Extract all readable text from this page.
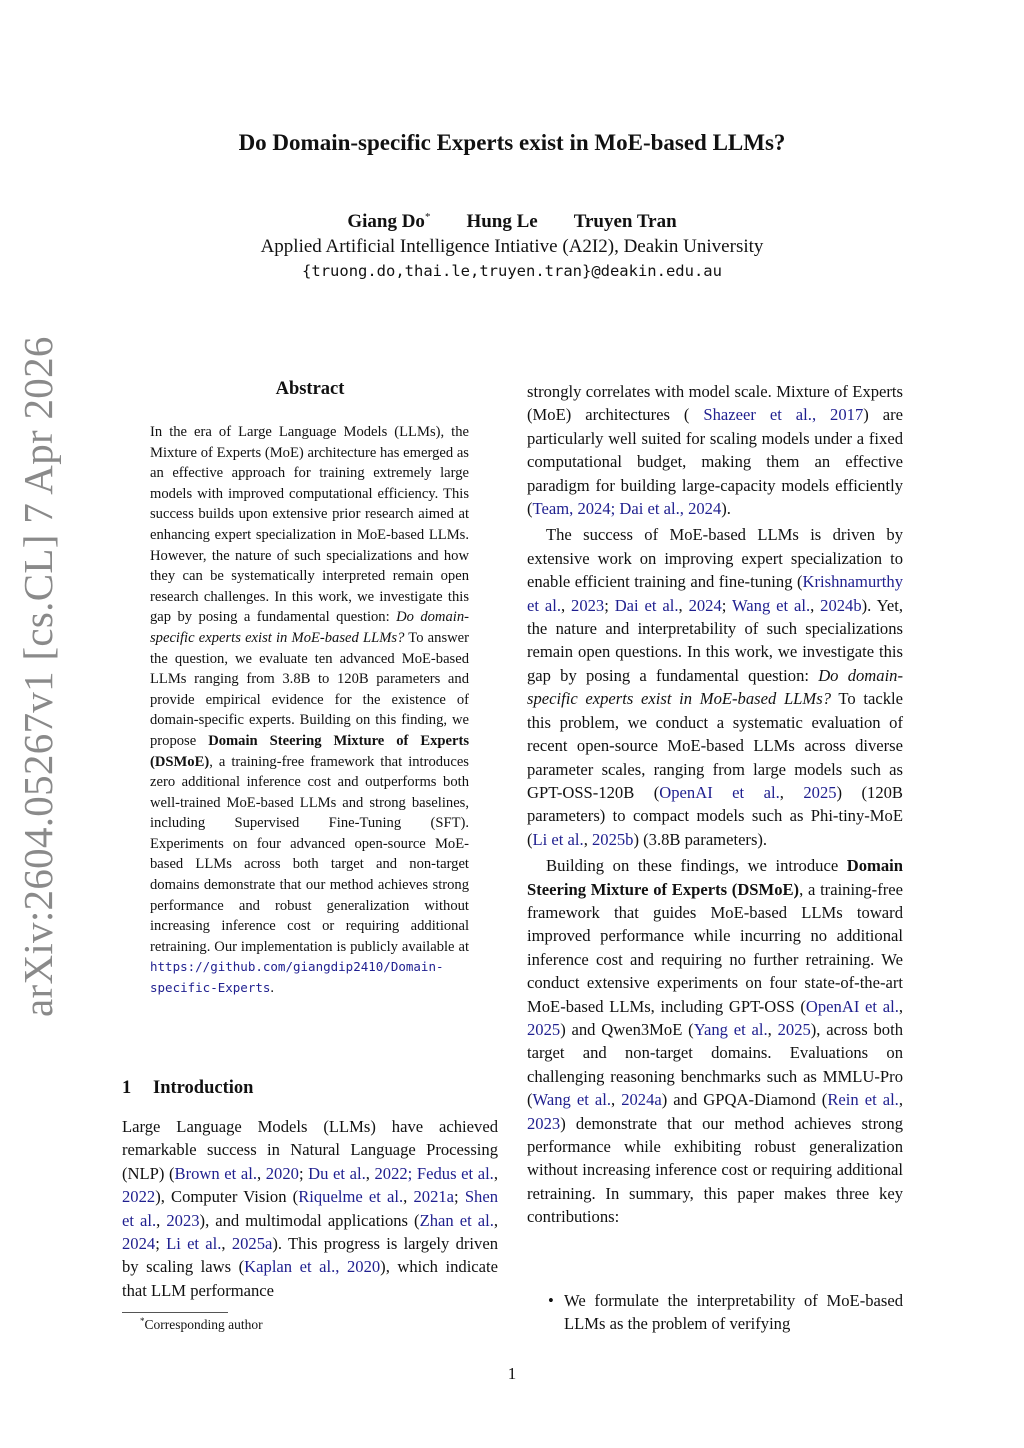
arXiv:2604.05267v1 [cs.CL] 7 Apr 2026
Do Domain-specific Experts exist in MoE-based LLMs?
Giang Do* Hung Le Truyen Tran
Applied Artificial Intelligence Intiative (A2I2), Deakin University
{truong.do,thai.le,truyen.tran}@deakin.edu.au
Abstract
In the era of Large Language Models (LLMs), the Mixture of Experts (MoE) architecture has emerged as an effective approach for training extremely large models with improved computational efficiency. This success builds upon extensive prior research aimed at enhancing expert specialization in MoE-based LLMs. However, the nature of such specializations and how they can be systematically interpreted remain open research challenges. In this work, we investigate this gap by posing a fundamental question: Do domain-specific experts exist in MoE-based LLMs? To answer the question, we evaluate ten advanced MoE-based LLMs ranging from 3.8B to 120B parameters and provide empirical evidence for the existence of domain-specific experts. Building on this finding, we propose Domain Steering Mixture of Experts (DSMoE), a training-free framework that introduces zero additional inference cost and outperforms both well-trained MoE-based LLMs and strong baselines, including Supervised Fine-Tuning (SFT). Experiments on four advanced open-source MoE-based LLMs across both target and non-target domains demonstrate that our method achieves strong performance and robust generalization without increasing inference cost or requiring additional retraining. Our implementation is publicly available at https://github.com/giangdip2410/Domain-specific-Experts.
1 Introduction
Large Language Models (LLMs) have achieved remarkable success in Natural Language Processing (NLP) (Brown et al., 2020; Du et al., 2022; Fedus et al., 2022), Computer Vision (Riquelme et al., 2021a; Shen et al., 2023), and multimodal applications (Zhan et al., 2024; Li et al., 2025a). This progress is largely driven by scaling laws (Kaplan et al., 2020), which indicate that LLM performance
*Corresponding author

strongly correlates with model scale. Mixture of Experts (MoE) architectures ( Shazeer et al., 2017) are particularly well suited for scaling models under a fixed computational budget, making them an effective paradigm for building large-capacity models efficiently (Team, 2024; Dai et al., 2024).

The success of MoE-based LLMs is driven by extensive work on improving expert specialization to enable efficient training and fine-tuning (Krishnamurthy et al., 2023; Dai et al., 2024; Wang et al., 2024b). Yet, the nature and interpretability of such specializations remain open questions. In this work, we investigate this gap by posing a fundamental question: Do domain-specific experts exist in MoE-based LLMs? To tackle this problem, we conduct a systematic evaluation of recent open-source MoE-based LLMs across diverse parameter scales, ranging from large models such as GPT-OSS-120B (OpenAI et al., 2025) (120B parameters) to compact models such as Phi-tiny-MoE (Li et al., 2025b) (3.8B parameters).

Building on these findings, we introduce Domain Steering Mixture of Experts (DSMoE), a training-free framework that guides MoE-based LLMs toward improved performance while incurring no additional inference cost and requiring no further retraining. We conduct extensive experiments on four state-of-the-art MoE-based LLMs, including GPT-OSS (OpenAI et al., 2025) and Qwen3MoE (Yang et al., 2025), across both target and non-target domains. Evaluations on challenging reasoning benchmarks such as MMLU-Pro (Wang et al., 2024a) and GPQA-Diamond (Rein et al., 2023) demonstrate that our method achieves strong performance while exhibiting robust generalization without increasing inference cost or requiring additional retraining. In summary, this paper makes three key contributions:

• We formulate the interpretability of MoE-based LLMs as the problem of verifying
1
